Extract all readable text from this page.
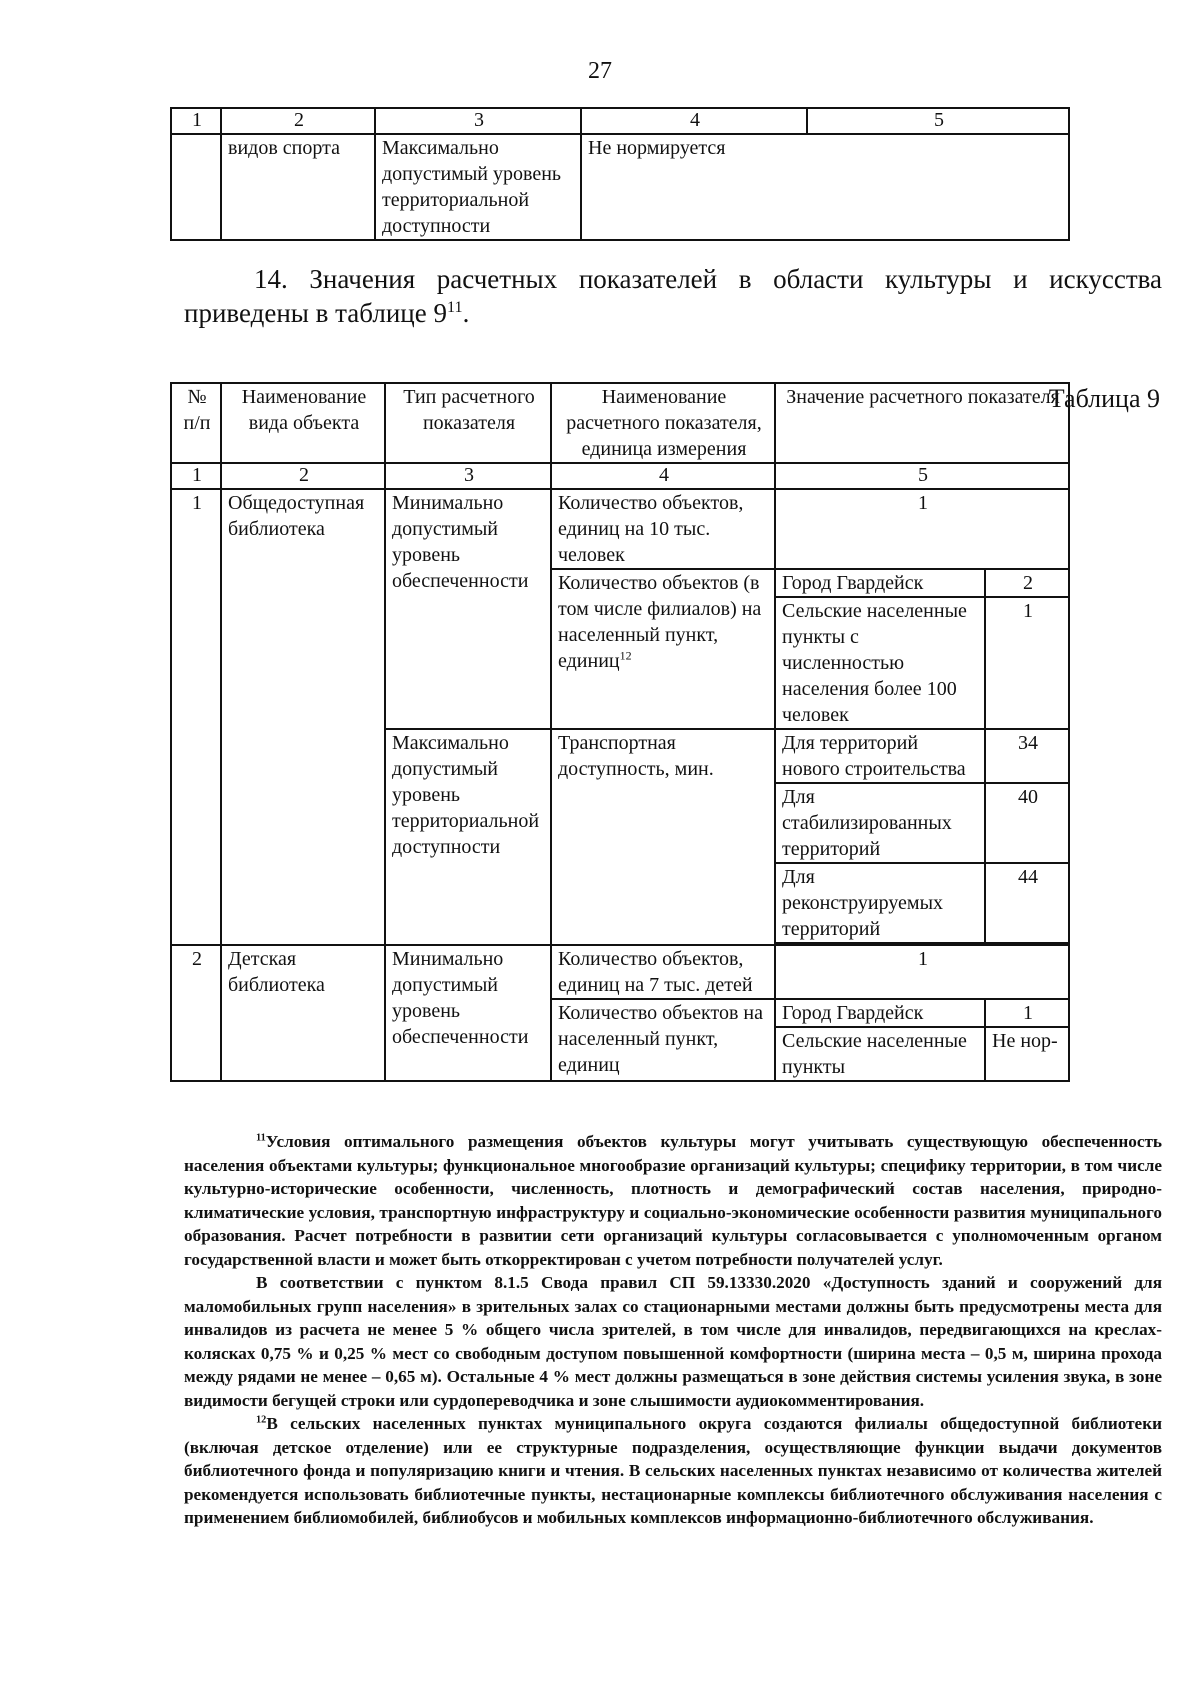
27
1	2	3	4	5
	видов спорта	Максимально допустимый уровень территориальной доступности	Не нормируется	
14. Значения расчетных показателей в области культуры и искусства приведены в таблице $9^{11}$.
Таблица 9
№ п/п	Наименование вида объекта	Тип расчетного показателя	Наименование расчетного показателя, единица измерения	Значение расчетного показателя	
1	2	3	4	5	
1	Общедоступная библиотека	Минимально допустимый уровень обеспеченности	Количество объектов, единиц на 10 тыс. человек	1	
			Количество объектов (в том числе филиалов) на населенный пункт, единиц$^{12}$	Город Гвардейск	2
				Сельские населенные пункты с численностью населения более 100 человек	1
		Максимально допустимый уровень территориальной доступности	Транспортная доступность, мин.	Для территорий нового строительства	34
				Для стабилизированных территорий	40
				Для реконструируемых территорий	44

2	Детская библиотека	Минимально допустимый уровень обеспеченности	Количество объектов, единиц на 7 тыс. детей	1	
			Количество объектов на населенный пункт, единиц	Город Гвардейск	1
				Сельские населенные пункты	Не нор-

$^{11}$Условия оптимального размещения объектов культуры могут учитывать существующую обеспеченность населения объектами культуры; функциональное многообразие организаций культуры; специфику территории, в том числе культурно-исторические особенности, численность, плотность и демографический состав населения, природно-климатические условия, транспортную инфраструктуру и социально-экономические особенности развития муниципального образования. Расчет потребности в развитии сети организаций культуры согласовывается с уполномоченным органом государственной власти и может быть откорректирован с учетом потребности получателей услуг.

В соответствии с пунктом 8.1.5 Свода правил СП 59.13330.2020 «Доступность зданий и сооружений для маломобильных групп населения» в зрительных залах со стационарными местами должны быть предусмотрены места для инвалидов из расчета не менее 5 % общего числа зрителей, в том числе для инвалидов, передвигающихся на креслах-колясках 0,75 % и 0,25 % мест со свободным доступом повышенной комфортности (ширина места – 0,5 м, ширина прохода между рядами не менее – 0,65 м). Остальные 4 % мест должны размещаться в зоне действия системы усиления звука, в зоне видимости бегущей строки или сурдопереводчика и зоне слышимости аудиокомментирования.

$^{12}$В сельских населенных пунктах муниципального округа создаются филиалы общедоступной библиотеки (включая детское отделение) или ее структурные подразделения, осуществляющие функции выдачи документов библиотечного фонда и популяризацию книги и чтения. В сельских населенных пунктах независимо от количества жителей рекомендуется использовать библиотечные пункты, нестационарные комплексы библиотечного обслуживания населения с применением библиомобилей, библиобусов и мобильных комплексов информационно-библиотечного обслуживания.
